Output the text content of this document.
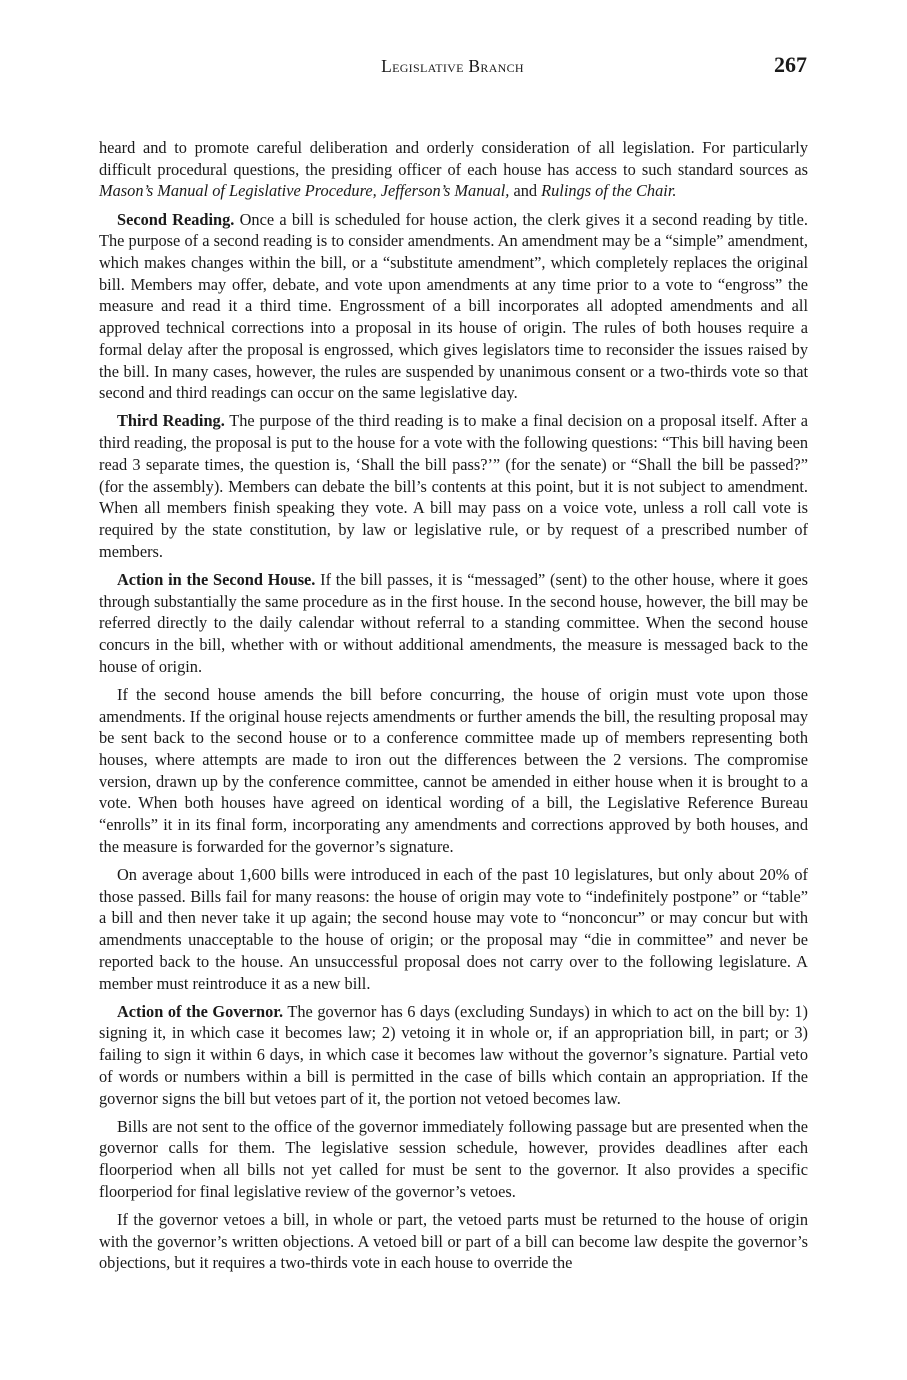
Legislative Branch	267

heard and to promote careful deliberation and orderly consideration of all legislation. For particularly difficult procedural questions, the presiding officer of each house has access to such standard sources as Mason’s Manual of Legislative Procedure, Jefferson’s Manual, and Rulings of the Chair.

Second Reading. Once a bill is scheduled for house action, the clerk gives it a second reading by title. The purpose of a second reading is to consider amendments. An amendment may be a “simple” amendment, which makes changes within the bill, or a “substitute amendment”, which completely replaces the original bill. Members may offer, debate, and vote upon amendments at any time prior to a vote to “engross” the measure and read it a third time. Engrossment of a bill incorporates all adopted amendments and all approved technical corrections into a proposal in its house of origin. The rules of both houses require a formal delay after the proposal is engrossed, which gives legislators time to reconsider the issues raised by the bill. In many cases, however, the rules are suspended by unanimous consent or a two-thirds vote so that second and third readings can occur on the same legislative day.

Third Reading. The purpose of the third reading is to make a final decision on a proposal itself. After a third reading, the proposal is put to the house for a vote with the following questions: “This bill having been read 3 separate times, the question is, ‘Shall the bill pass?’” (for the senate) or “Shall the bill be passed?” (for the assembly). Members can debate the bill’s contents at this point, but it is not subject to amendment. When all members finish speaking they vote. A bill may pass on a voice vote, unless a roll call vote is required by the state constitution, by law or legislative rule, or by request of a prescribed number of members.

Action in the Second House. If the bill passes, it is “messaged” (sent) to the other house, where it goes through substantially the same procedure as in the first house. In the second house, however, the bill may be referred directly to the daily calendar without referral to a standing committee. When the second house concurs in the bill, whether with or without additional amendments, the measure is messaged back to the house of origin.

If the second house amends the bill before concurring, the house of origin must vote upon those amendments. If the original house rejects amendments or further amends the bill, the resulting proposal may be sent back to the second house or to a conference committee made up of members representing both houses, where attempts are made to iron out the differences between the 2 versions. The compromise version, drawn up by the conference committee, cannot be amended in either house when it is brought to a vote. When both houses have agreed on identical wording of a bill, the Legislative Reference Bureau “enrolls” it in its final form, incorporating any amendments and corrections approved by both houses, and the measure is forwarded for the governor’s signature.

On average about 1,600 bills were introduced in each of the past 10 legislatures, but only about 20% of those passed. Bills fail for many reasons: the house of origin may vote to “indefinitely postpone” or “table” a bill and then never take it up again; the second house may vote to “nonconcur” or may concur but with amendments unacceptable to the house of origin; or the proposal may “die in committee” and never be reported back to the house. An unsuccessful proposal does not carry over to the following legislature. A member must reintroduce it as a new bill.

Action of the Governor. The governor has 6 days (excluding Sundays) in which to act on the bill by: 1) signing it, in which case it becomes law; 2) vetoing it in whole or, if an appropriation bill, in part; or 3) failing to sign it within 6 days, in which case it becomes law without the governor’s signature. Partial veto of words or numbers within a bill is permitted in the case of bills which contain an appropriation. If the governor signs the bill but vetoes part of it, the portion not vetoed becomes law.

Bills are not sent to the office of the governor immediately following passage but are presented when the governor calls for them. The legislative session schedule, however, provides deadlines after each floorperiod when all bills not yet called for must be sent to the governor. It also provides a specific floorperiod for final legislative review of the governor’s vetoes.

If the governor vetoes a bill, in whole or part, the vetoed parts must be returned to the house of origin with the governor’s written objections. A vetoed bill or part of a bill can become law despite the governor’s objections, but it requires a two-thirds vote in each house to override the
